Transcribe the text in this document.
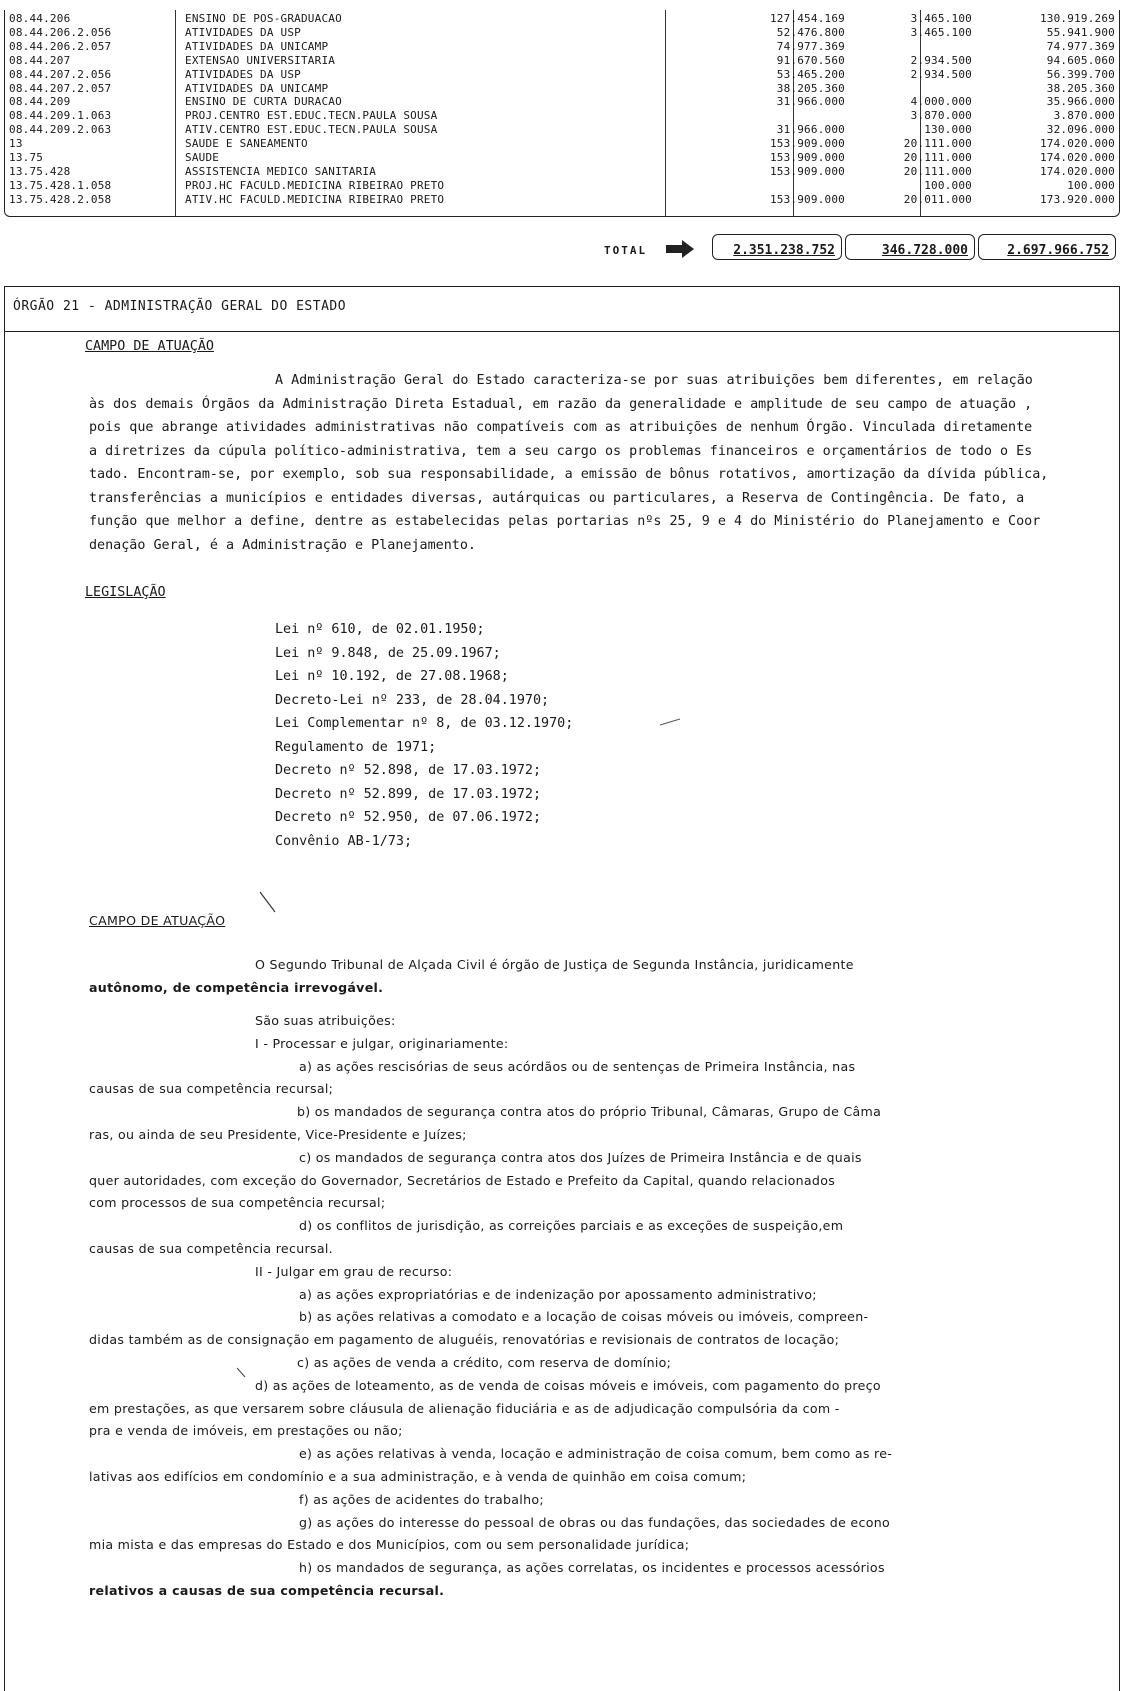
08.44.206	ENSINO DE POS-GRADUACAO	127.454.169	3.465.100	130.919.269
08.44.206.2.056	ATIVIDADES DA USP	52.476.800	3.465.100	55.941.900
08.44.206.2.057	ATIVIDADES DA UNICAMP	74.977.369	74.977.369
08.44.207	EXTENSAO UNIVERSITARIA	91.670.560	2.934.500	94.605.060
08.44.207.2.056	ATIVIDADES DA USP	53.465.200	2.934.500	56.399.700
08.44.207.2.057	ATIVIDADES DA UNICAMP	38.205.360	38.205.360
08.44.209	ENSINO DE CURTA DURACAO	31.966.000	4.000.000	35.966.000
08.44.209.1.063	PROJ.CENTRO EST.EDUC.TECN.PAULA SOUSA	3.870.000	3.870.000
08.44.209.2.063	ATIV.CENTRO EST.EDUC.TECN.PAULA SOUSA	31.966.000	130.000	32.096.000
13	SAUDE E SANEAMENTO	153.909.000	20.111.000	174.020.000
13.75	SAUDE	153.909.000	20.111.000	174.020.000
13.75.428	ASSISTENCIA MEDICO SANITARIA	153.909.000	20.111.000	174.020.000
13.75.428.1.058	PROJ.HC FACULD.MEDICINA RIBEIRAO PRETO	100.000	100.000
13.75.428.2.058	ATIV.HC FACULD.MEDICINA RIBEIRAO PRETO	153.909.000	20.011.000	173.920.000
TOTAL	2.351.238.752	346.728.000	2.697.966.752
ÓRGÃO 21 - ADMINISTRAÇÃO GERAL DO ESTADO
CAMPO DE ATUAÇÃO
A Administração Geral do Estado caracteriza-se por suas atribuições bem diferentes, em relação
às dos demais Órgãos da Administração Direta Estadual, em razão da generalidade e amplitude de seu campo de atuação ,
pois que abrange atividades administrativas não compatíveis com as atribuições de nenhum Órgão. Vinculada diretamente
a diretrizes da cúpula político-administrativa, tem a seu cargo os problemas financeiros e orçamentários de todo o Es
tado. Encontram-se, por exemplo, sob sua responsabilidade, a emissão de bônus rotativos, amortização da dívida pública,
transferências a municípios e entidades diversas, autárquicas ou particulares, a Reserva de Contingência. De fato, a
função que melhor a define, dentre as estabelecidas pelas portarias nºs 25, 9 e 4 do Ministério do Planejamento e Coor
denação Geral, é a Administração e Planejamento.
LEGISLAÇÃO
Lei nº 610, de 02.01.1950;
Lei nº 9.848, de 25.09.1967;
Lei nº 10.192, de 27.08.1968;
Decreto-Lei nº 233, de 28.04.1970;
Lei Complementar nº 8, de 03.12.1970;
Regulamento de 1971;
Decreto nº 52.898, de 17.03.1972;
Decreto nº 52.899, de 17.03.1972;
Decreto nº 52.950, de 07.06.1972;
Convênio AB-1/73;
CAMPO DE ATUAÇÃO
O Segundo Tribunal de Alçada Civil é órgão de Justiça de Segunda Instância, juridicamente
autônomo, de competência irrevogável.
São suas atribuições:
I - Processar e julgar, originariamente:
a) as ações rescisórias de seus acórdãos ou de sentenças de Primeira Instância, nas
causas de sua competência recursal;
b) os mandados de segurança contra atos do próprio Tribunal, Câmaras, Grupo de Câma
ras, ou ainda de seu Presidente, Vice-Presidente e Juízes;
c) os mandados de segurança contra atos dos Juízes de Primeira Instância e de quais
quer autoridades, com exceção do Governador, Secretários de Estado e Prefeito da Capital, quando relacionados
com processos de sua competência recursal;
d) os conflitos de jurisdição, as correições parciais e as exceções de suspeição,em
causas de sua competência recursal.
II - Julgar em grau de recurso:
a) as ações expropriatórias e de indenização por apossamento administrativo;
b) as ações relativas a comodato e a locação de coisas móveis ou imóveis, compreen-
didas também as de consignação em pagamento de aluguéis, renovatórias e revisionais de contratos de locação;
c) as ações de venda a crédito, com reserva de domínio;
d) as ações de loteamento, as de venda de coisas móveis e imóveis, com pagamento do preço
em prestações, as que versarem sobre cláusula de alienação fiduciária e as de adjudicação compulsória da com -
pra e venda de imóveis, em prestações ou não;
e) as ações relativas à venda, locação e administração de coisa comum, bem como as re-
lativas aos edifícios em condomínio e a sua administração, e à venda de quinhão em coisa comum;
f) as ações de acidentes do trabalho;
g) as ações do interesse do pessoal de obras ou das fundações, das sociedades de econo
mia mista e das empresas do Estado e dos Municípios, com ou sem personalidade jurídica;
h) os mandados de segurança, as ações correlatas, os incidentes e processos acessórios
relativos a causas de sua competência recursal.
